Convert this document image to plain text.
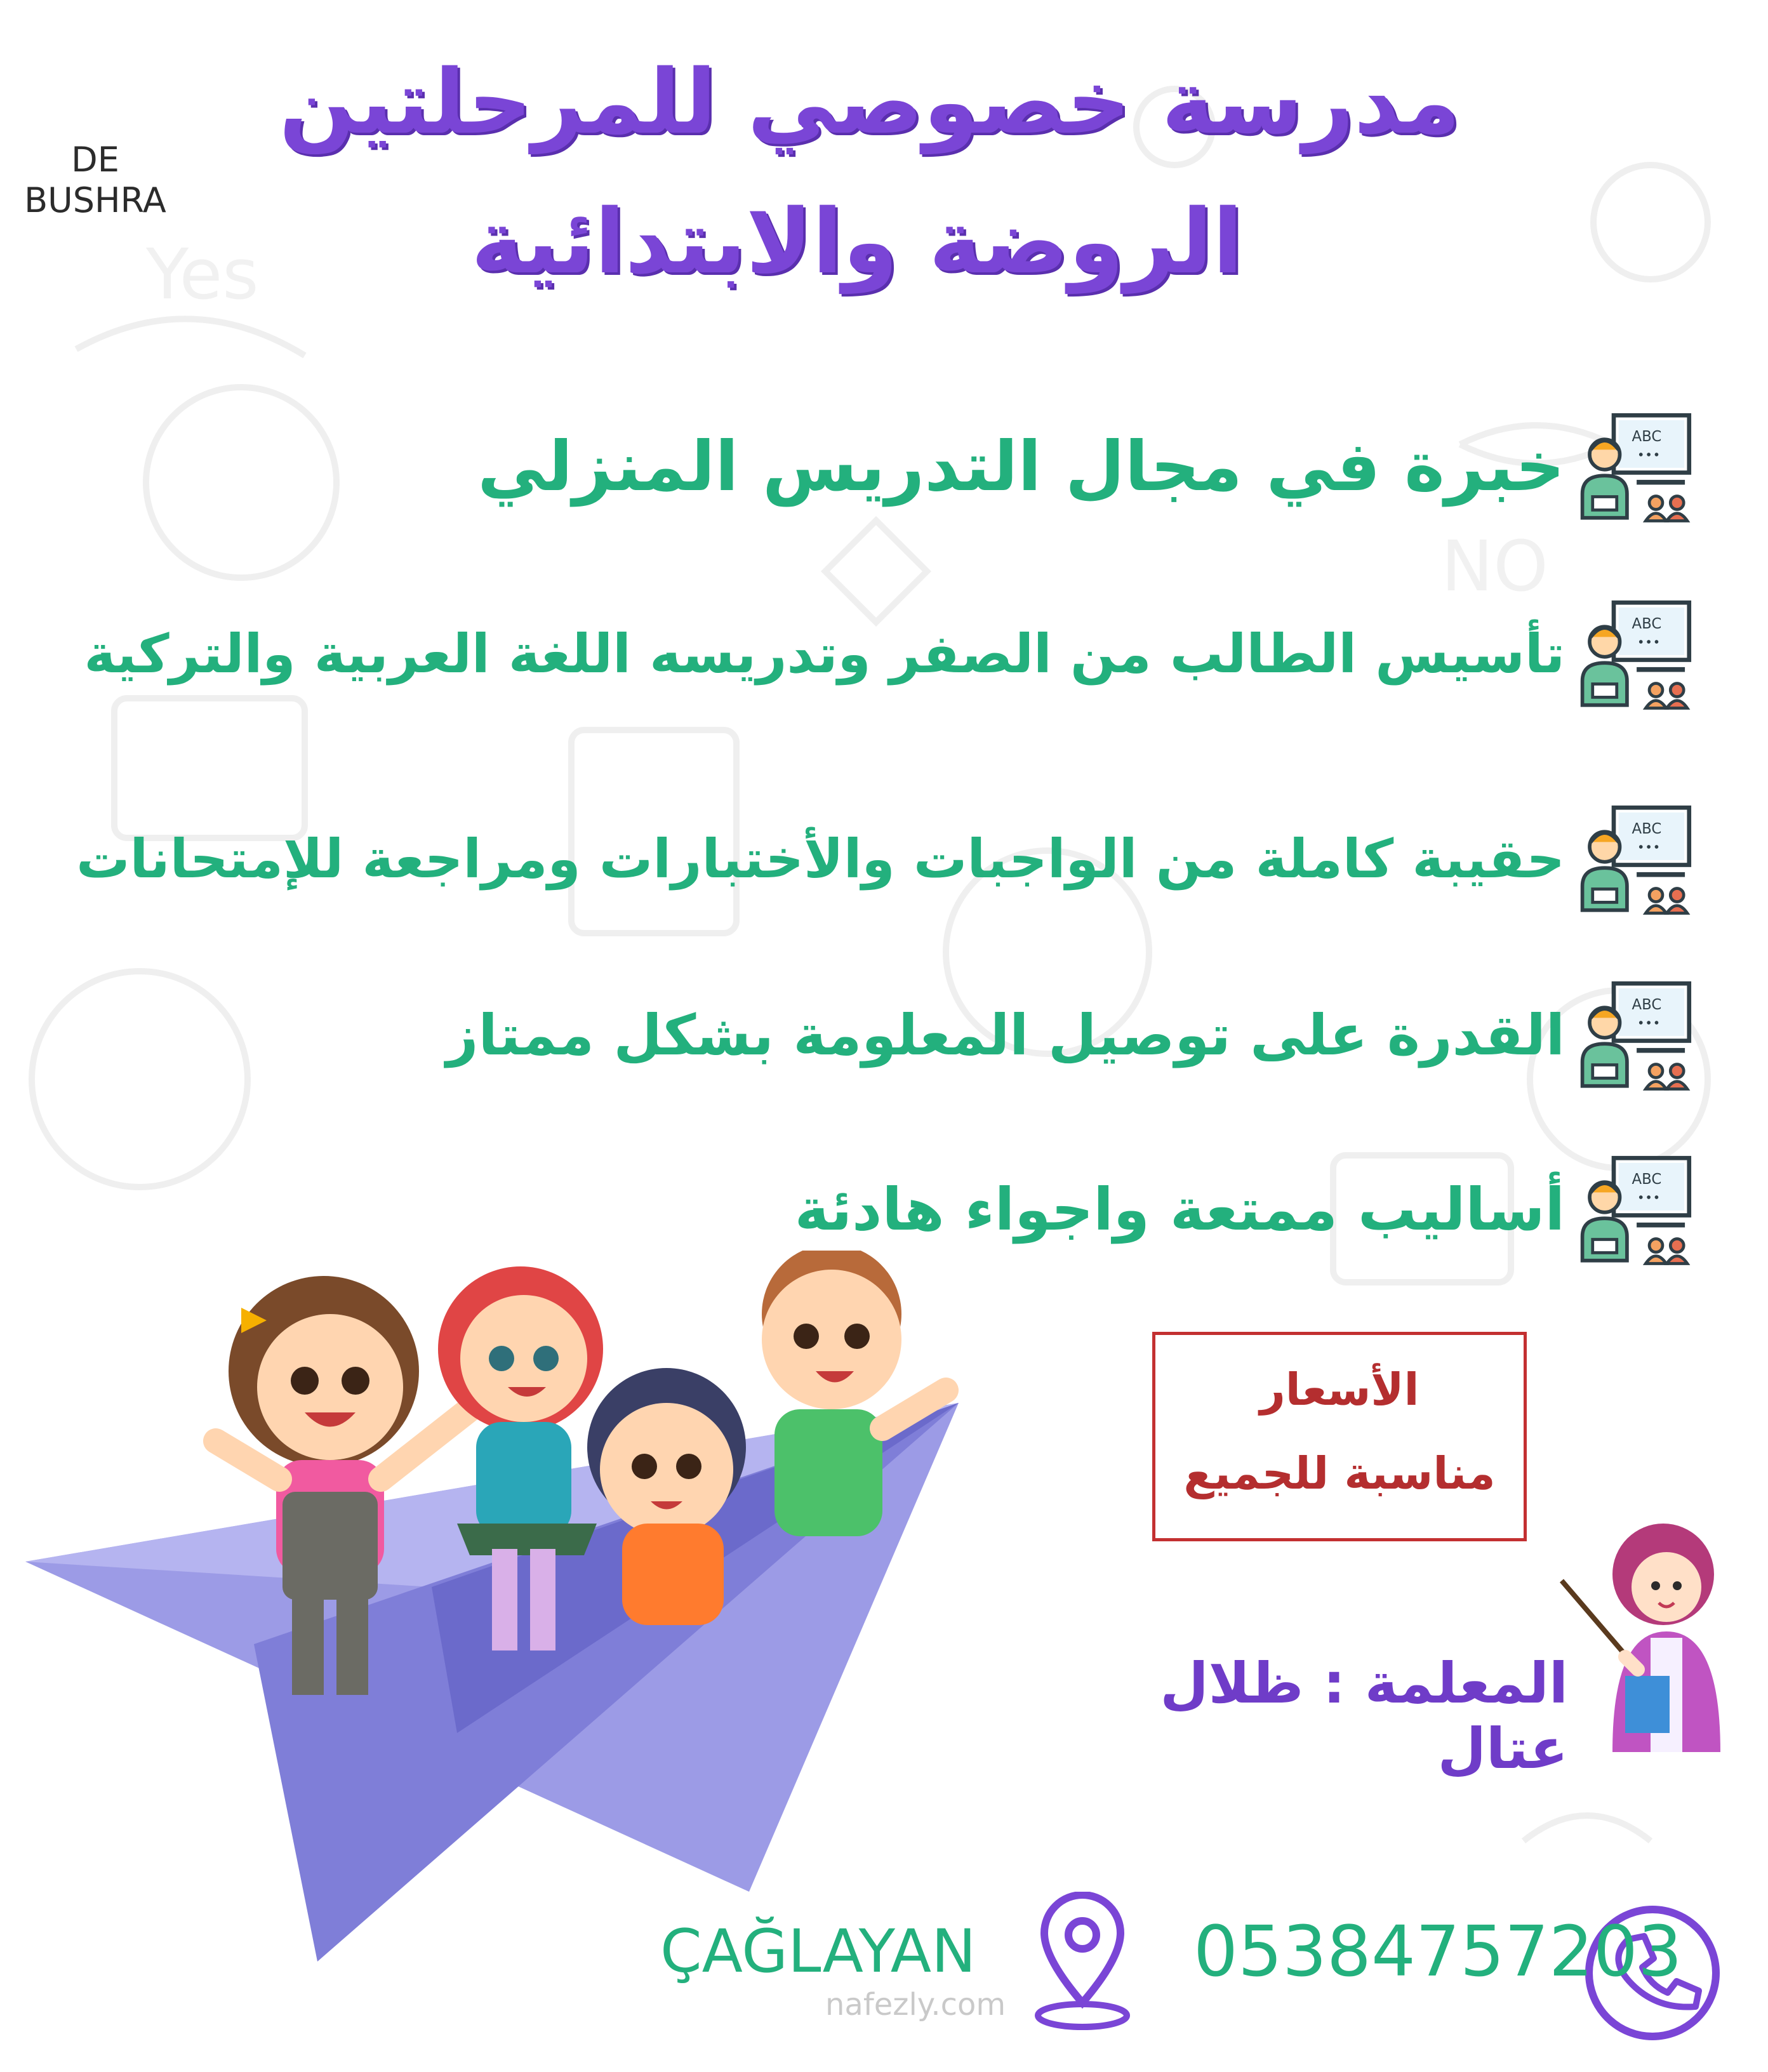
Yes
NO
DE
BUSHRA
مدرسة خصوصي للمرحلتين
الروضة والابتدائية
ABC
خبرة في مجال التدريس المنزلي
ABC
تأسيس الطالب من الصفر وتدريسه اللغة العربية والتركية
ABC
حقيبة كاملة من الواجبات والأختبارات ومراجعة للإمتحانات
ABC
القدرة على توصيل المعلومة بشكل ممتاز
ABC
أساليب ممتعة واجواء هادئة
الأسعار
مناسبة للجميع
المعلمة : ظلال عتال
05384757203
ÇAĞLAYAN
nafezly.com
